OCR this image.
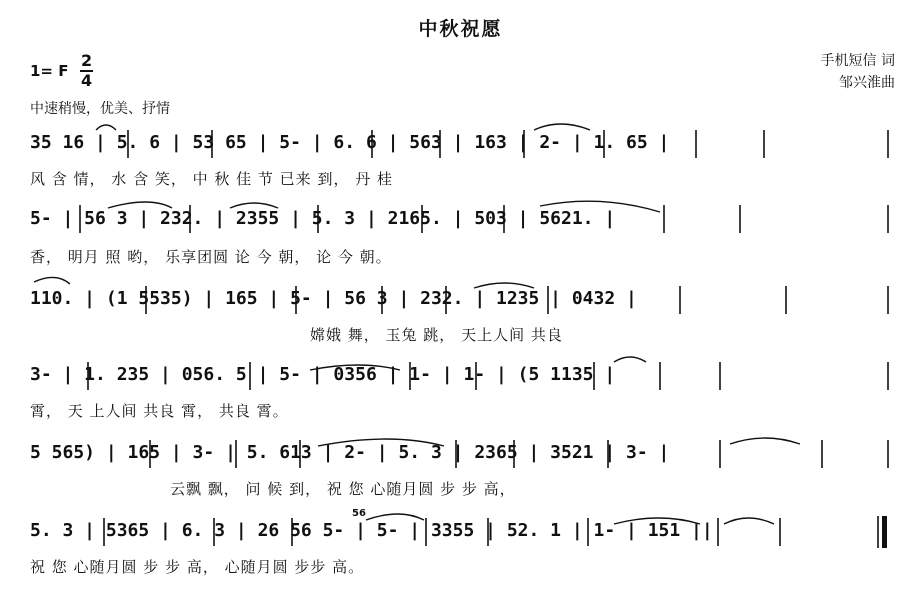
中秋祝愿
1= F
2
4
中速稍慢，优美、抒情
手机短信 词
邹兴淮曲
35 16 | 5. 6 | 53 65 | 5- | 6. 6 | 563 | 163 | 2- | 1. 65 |
风 含 情， 水 含 笑， 中 秋 佳 节 已来 到， 丹 桂
5- | 56 3 | 232. | 2355 | 5. 3 | 2165. | 503 | 5621. |
香， 明月 照 哟， 乐享团圆 论 今 朝， 论 今 朝。
110. | (1 5535) | 165 | 5- | 56 3 | 232. | 1235 | 0432 |
嫦娥 舞， 玉兔 跳， 天上人间 共良
3- | 1. 235 | 056. 5 | 5- | 0356 | 1- | 1- | (5 1135 |
霄， 天 上人间 共良 霄， 共良 霄。
5 565) | 165 | 3- | 5. 613 | 2- | 5. 3 | 2365 | 3521 | 3- |
云飘 飘， 问 候 到， 祝 您 心随月圆 步 步 高，
5. 3 | 5365 | 6. 3 | 26 56 5- | 5- | 3355 | 52. 1 | 1- | 151 ||
祝 您 心随月圆 步 步 高， 心随月圆 步步 高。
56
